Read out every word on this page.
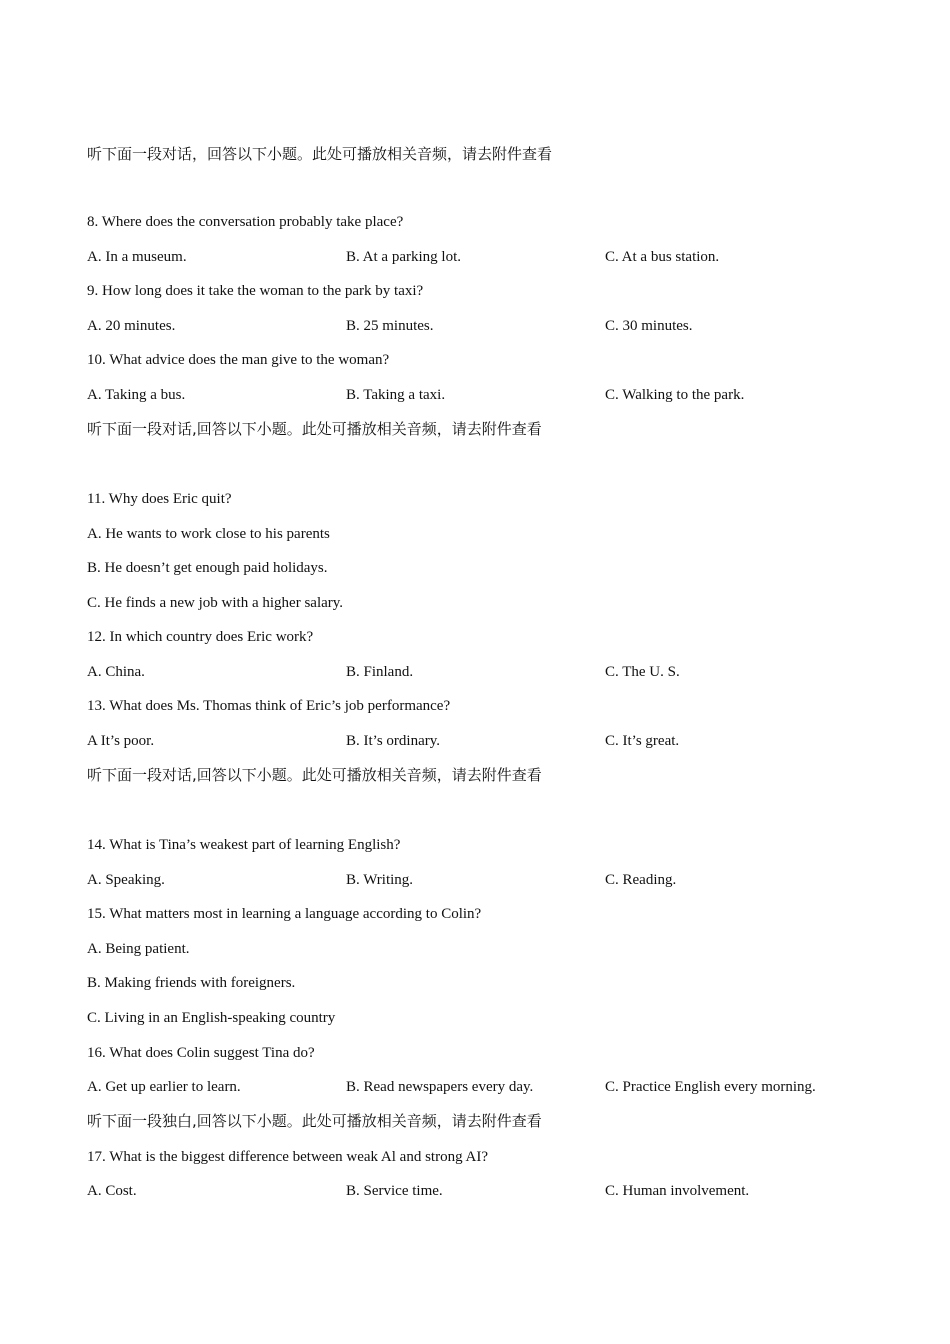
听下面一段对话，回答以下小题。此处可播放相关音频，请去附件查看
8. Where does the conversation probably take place?
A. In a museum.	B. At a parking lot.	C. At a bus station.
9. How long does it take the woman to the park by taxi?
A. 20 minutes.	B. 25 minutes.	C. 30 minutes.
10. What advice does the man give to the woman?
A. Taking a bus.	B. Taking a taxi.	C. Walking to the park.
听下面一段对话,回答以下小题。此处可播放相关音频，请去附件查看
11. Why does Eric quit?
A. He wants to work close to his parents
B. He doesn’t get enough paid holidays.
C. He finds a new job with a higher salary.
12. In which country does Eric work?
A. China.	B. Finland.	C. The U. S.
13. What does Ms. Thomas think of Eric’s job performance?
A It’s poor.	B. It’s ordinary.	C. It’s great.
听下面一段对话,回答以下小题。此处可播放相关音频，请去附件查看
14. What is Tina’s weakest part of learning English?
A. Speaking.	B. Writing.	C. Reading.
15. What matters most in learning a language according to Colin?
A. Being patient.
B. Making friends with foreigners.
C. Living in an English-speaking country
16. What does Colin suggest Tina do?
A. Get up earlier to learn.	B. Read newspapers every day.	C. Practice English every morning.
听下面一段独白,回答以下小题。此处可播放相关音频，请去附件查看
17. What is the biggest difference between weak Al and strong AI?
A. Cost.	B. Service time.	C. Human involvement.
